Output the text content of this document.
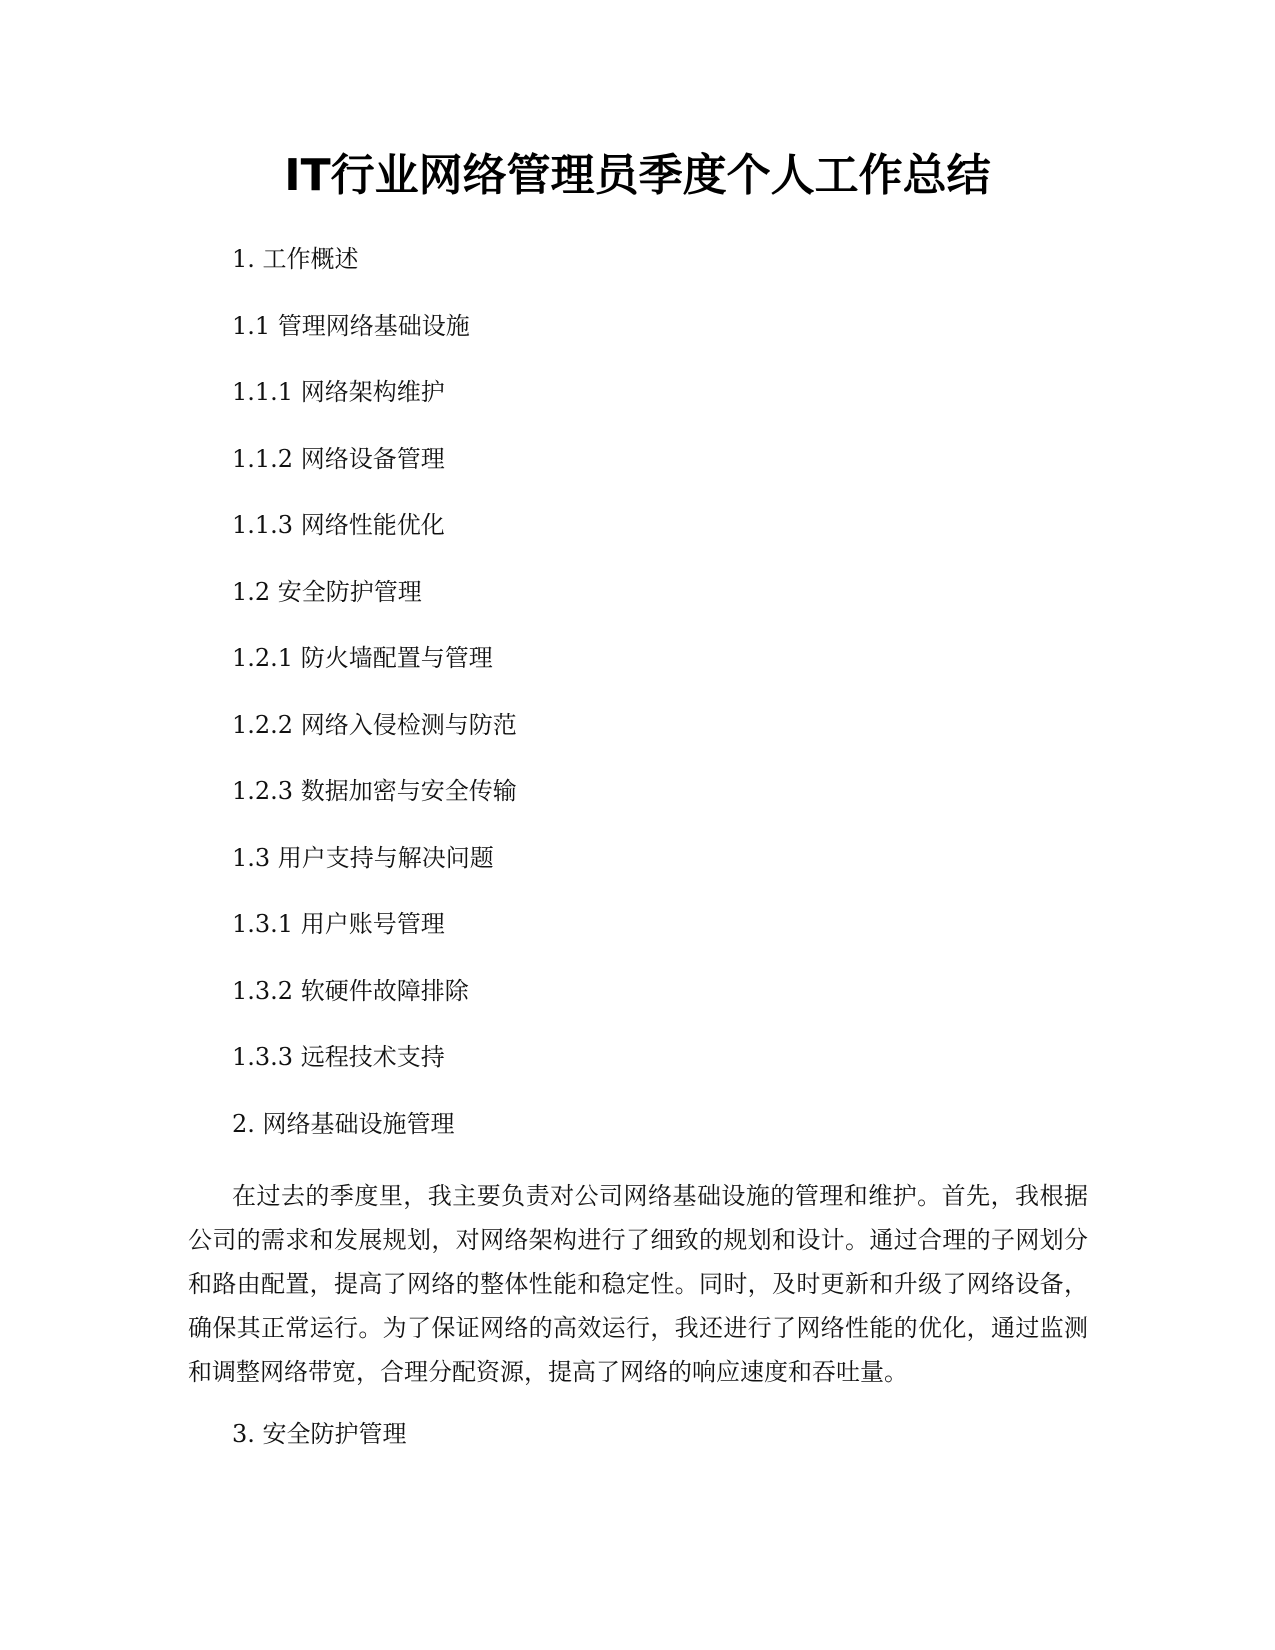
IT行业网络管理员季度个人工作总结
1. 工作概述
1.1 管理网络基础设施
1.1.1 网络架构维护
1.1.2 网络设备管理
1.1.3 网络性能优化
1.2 安全防护管理
1.2.1 防火墙配置与管理
1.2.2 网络入侵检测与防范
1.2.3 数据加密与安全传输
1.3 用户支持与解决问题
1.3.1 用户账号管理
1.3.2 软硬件故障排除
1.3.3 远程技术支持
2. 网络基础设施管理

在过去的季度里，我主要负责对公司网络基础设施的管理和维护。首先，我根据公司的需求和发展规划，对网络架构进行了细致的规划和设计。通过合理的子网划分和路由配置，提高了网络的整体性能和稳定性。同时，及时更新和升级了网络设备，确保其正常运行。为了保证网络的高效运行，我还进行了网络性能的优化，通过监测和调整网络带宽，合理分配资源，提高了网络的响应速度和吞吐量。

3. 安全防护管理
